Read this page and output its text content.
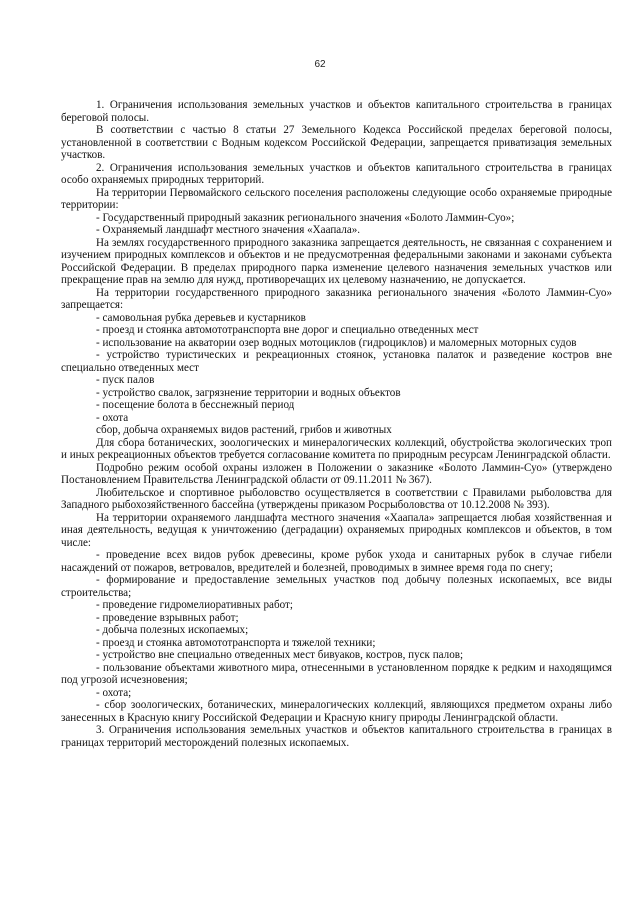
62

1. Ограничения использования земельных участков и объектов капитального строительства в границах береговой полосы.

В соответствии с частью 8 статьи 27 Земельного Кодекса Российской пределах береговой полосы, установленной в соответствии с Водным кодексом Российской Федерации, запрещается приватизация земельных участков.

2. Ограничения использования земельных участков и объектов капитального строительства в границах особо охраняемых природных территорий.

На территории Первомайского сельского поселения расположены следующие особо охраняемые природные территории:

- Государственный природный заказник регионального значения «Болото Ламмин-Суо»;

- Охраняемый ландшафт местного значения «Хаапала».

На землях государственного природного заказника запрещается деятельность, не связанная с сохранением и изучением природных комплексов и объектов и не предусмотренная федеральными законами и законами субъекта Российской Федерации. В пределах природного парка изменение целевого назначения земельных участков или прекращение прав на землю для нужд, противоречащих их целевому назначению, не допускается.

На территории государственного природного заказника регионального значения «Болото Ламмин-Суо» запрещается:

- самовольная рубка деревьев и кустарников

- проезд и стоянка автомототранспорта вне дорог и специально отведенных мест

- использование на акватории озер водных мотоциклов (гидроциклов) и маломерных моторных судов

- устройство туристических и рекреационных стоянок, установка палаток и разведение костров вне специально отведенных мест

- пуск палов

- устройство свалок, загрязнение территории и водных объектов

- посещение болота в бесснежный период

- охота

сбор, добыча охраняемых видов растений, грибов и животных

Для сбора ботанических, зоологических и минералогических коллекций, обустройства экологических троп и иных рекреационных объектов требуется согласование комитета по природным ресурсам Ленинградской области.

Подробно режим особой охраны изложен в Положении о заказнике «Болото Ламмин-Суо» (утверждено Постановлением Правительства Ленинградской области от 09.11.2011 № 367).

Любительское и спортивное рыболовство осуществляется в соответствии с Правилами рыболовства для Западного рыбохозяйственного бассейна (утверждены приказом Росрыболовства от 10.12.2008 № 393).

На территории охраняемого ландшафта местного значения «Хаапала» запрещается любая хозяйственная и иная деятельность, ведущая к уничтожению (деградации) охраняемых природных комплексов и объектов, в том числе:

- проведение всех видов рубок древесины, кроме рубок ухода и санитарных рубок в случае гибели насаждений от пожаров, ветровалов, вредителей и болезней, проводимых в зимнее время года по снегу;

- формирование и предоставление земельных участков под добычу полезных ископаемых, все виды строительства;

- проведение гидромелиоративных работ;

- проведение взрывных работ;

- добыча полезных ископаемых;

- проезд и стоянка автомототранспорта и тяжелой техники;

- устройство вне специально отведенных мест бивуаков, костров, пуск палов;

- пользование объектами животного мира, отнесенными в установленном порядке к редким и находящимся под угрозой исчезновения;

- охота;

- сбор зоологических, ботанических, минералогических коллекций, являющихся предметом охраны либо занесенных в Красную книгу Российской Федерации и Красную книгу природы Ленинградской области.

3. Ограничения использования земельных участков и объектов капитального строительства в границах в границах территорий месторождений полезных ископаемых.
